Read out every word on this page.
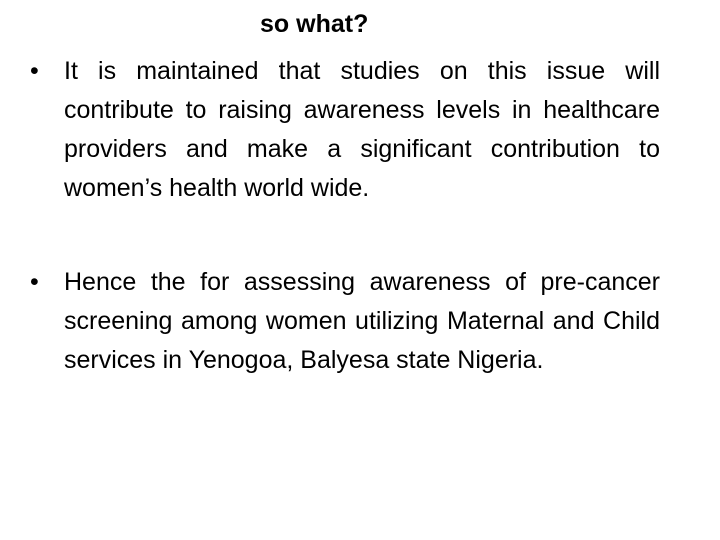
so what?
• It is maintained that studies on this issue will contribute to raising awareness levels in healthcare providers and make a significant contribution to women’s health world wide.
• Hence the for assessing awareness of pre-cancer screening among women utilizing Maternal and Child services in Yenogoa, Balyesa state Nigeria.
